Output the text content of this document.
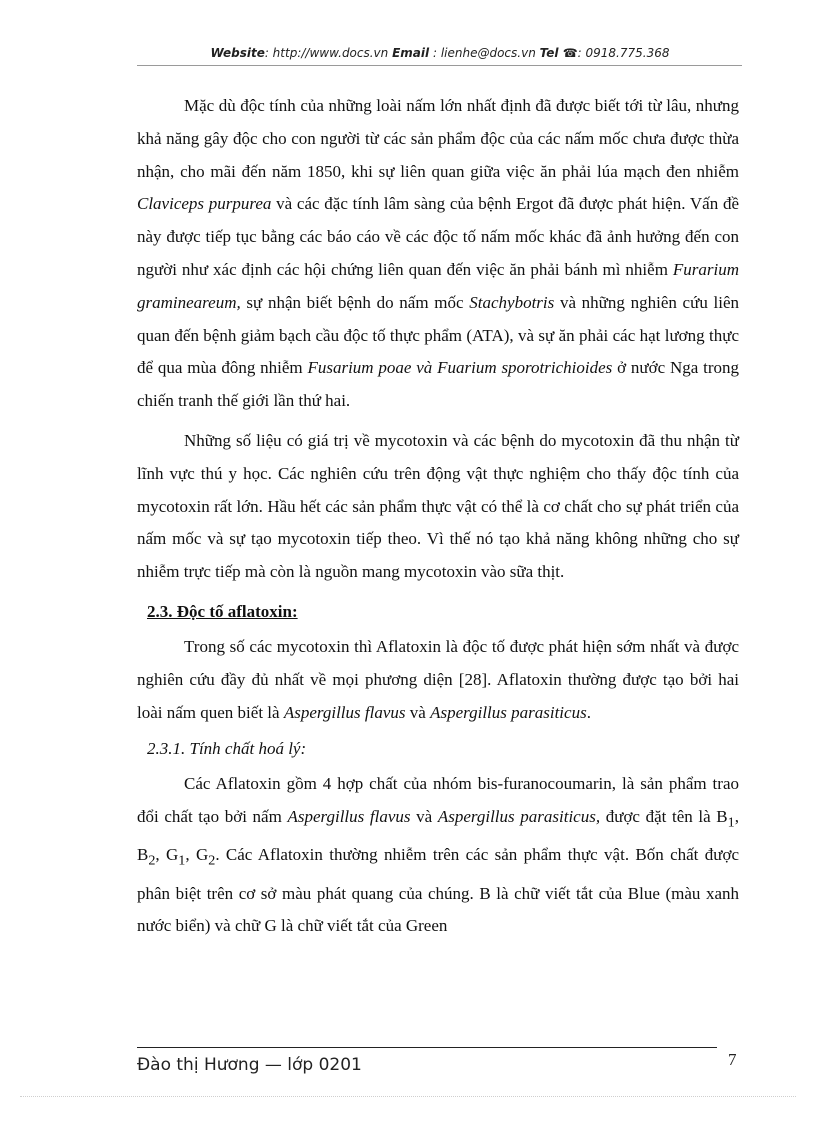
Website: http://www.docs.vn Email : lienhe@docs.vn Tel ☎: 0918.775.368

Mặc dù độc tính của những loài nấm lớn nhất định đã được biết tới từ lâu, nhưng khả năng gây độc cho con người từ các sản phẩm độc của các nấm mốc chưa được thừa nhận, cho mãi đến năm 1850, khi sự liên quan giữa việc ăn phải lúa mạch đen nhiễm Claviceps purpurea và các đặc tính lâm sàng của bệnh Ergot đã được phát hiện. Vấn đề này được tiếp tục bằng các báo cáo về các độc tố nấm mốc khác đã ảnh hưởng đến con người như xác định các hội chứng liên quan đến việc ăn phải bánh mì nhiễm Furarium gramineareum, sự nhận biết bệnh do nấm mốc Stachybotris và những nghiên cứu liên quan đến bệnh giảm bạch cầu độc tố thực phẩm (ATA), và sự ăn phải các hạt lương thực để qua mùa đông nhiễm Fusarium poae và Fuarium sporotrichioides ở nước Nga trong chiến tranh thế giới lần thứ hai.

Những số liệu có giá trị về mycotoxin và các bệnh do mycotoxin đã thu nhận từ lĩnh vực thú y học. Các nghiên cứu trên động vật thực nghiệm cho thấy độc tính của mycotoxin rất lớn. Hầu hết các sản phẩm thực vật có thể là cơ chất cho sự phát triển của nấm mốc và sự tạo mycotoxin tiếp theo. Vì thế nó tạo khả năng không những cho sự nhiễm trực tiếp mà còn là nguồn mang mycotoxin vào sữa thịt.

2.3. Độc tố aflatoxin:

Trong số các mycotoxin thì Aflatoxin là độc tố được phát hiện sớm nhất và được nghiên cứu đầy đủ nhất về mọi phương diện [28]. Aflatoxin thường được tạo bởi hai loài nấm quen biết là Aspergillus flavus và Aspergillus parasiticus.

2.3.1. Tính chất hoá lý:

Các Aflatoxin gồm 4 hợp chất của nhóm bis-furanocoumarin, là sản phẩm trao đổi chất tạo bởi nấm Aspergillus flavus và Aspergillus parasiticus, được đặt tên là $B_1$, $B_2$, $G_1$, $G_2$. Các Aflatoxin thường nhiễm trên các sản phẩm thực vật. Bốn chất được phân biệt trên cơ sở màu phát quang của chúng. B là chữ viết tắt của Blue (màu xanh nước biển) và chữ G là chữ viết tắt của Green

Đào thị Hương — lớp 0201	7
